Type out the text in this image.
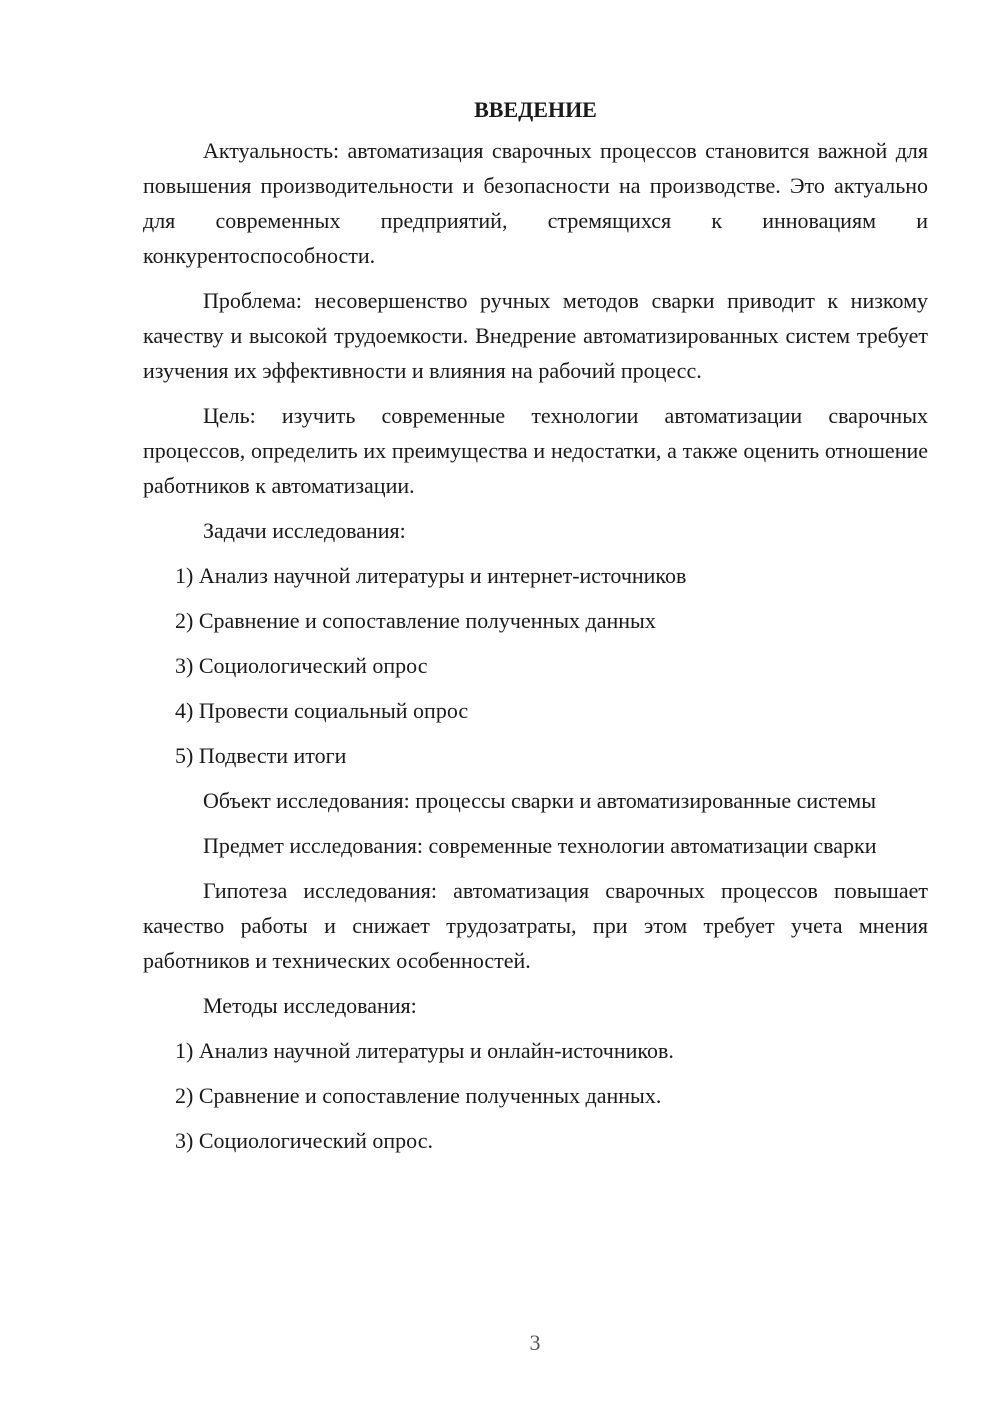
ВВЕДЕНИЕ

Актуальность: автоматизация сварочных процессов становится важной для повышения производительности и безопасности на производстве. Это актуально для современных предприятий, стремящихся к инновациям и конкурентоспособности.

Проблема: несовершенство ручных методов сварки приводит к низкому качеству и высокой трудоемкости. Внедрение автоматизированных систем требует изучения их эффективности и влияния на рабочий процесс.

Цель: изучить современные технологии автоматизации сварочных процессов, определить их преимущества и недостатки, а также оценить отношение работников к автоматизации.

Задачи исследования:

1) Анализ научной литературы и интернет-источников
2) Сравнение и сопоставление полученных данных
3) Социологический опрос
4) Провести социальный опрос
5) Подвести итоги

Объект исследования: процессы сварки и автоматизированные системы

Предмет исследования: современные технологии автоматизации сварки

Гипотеза исследования: автоматизация сварочных процессов повышает качество работы и снижает трудозатраты, при этом требует учета мнения работников и технических особенностей.

Методы исследования:

1) Анализ научной литературы и онлайн-источников.
2) Сравнение и сопоставление полученных данных.
3) Социологический опрос.
3
